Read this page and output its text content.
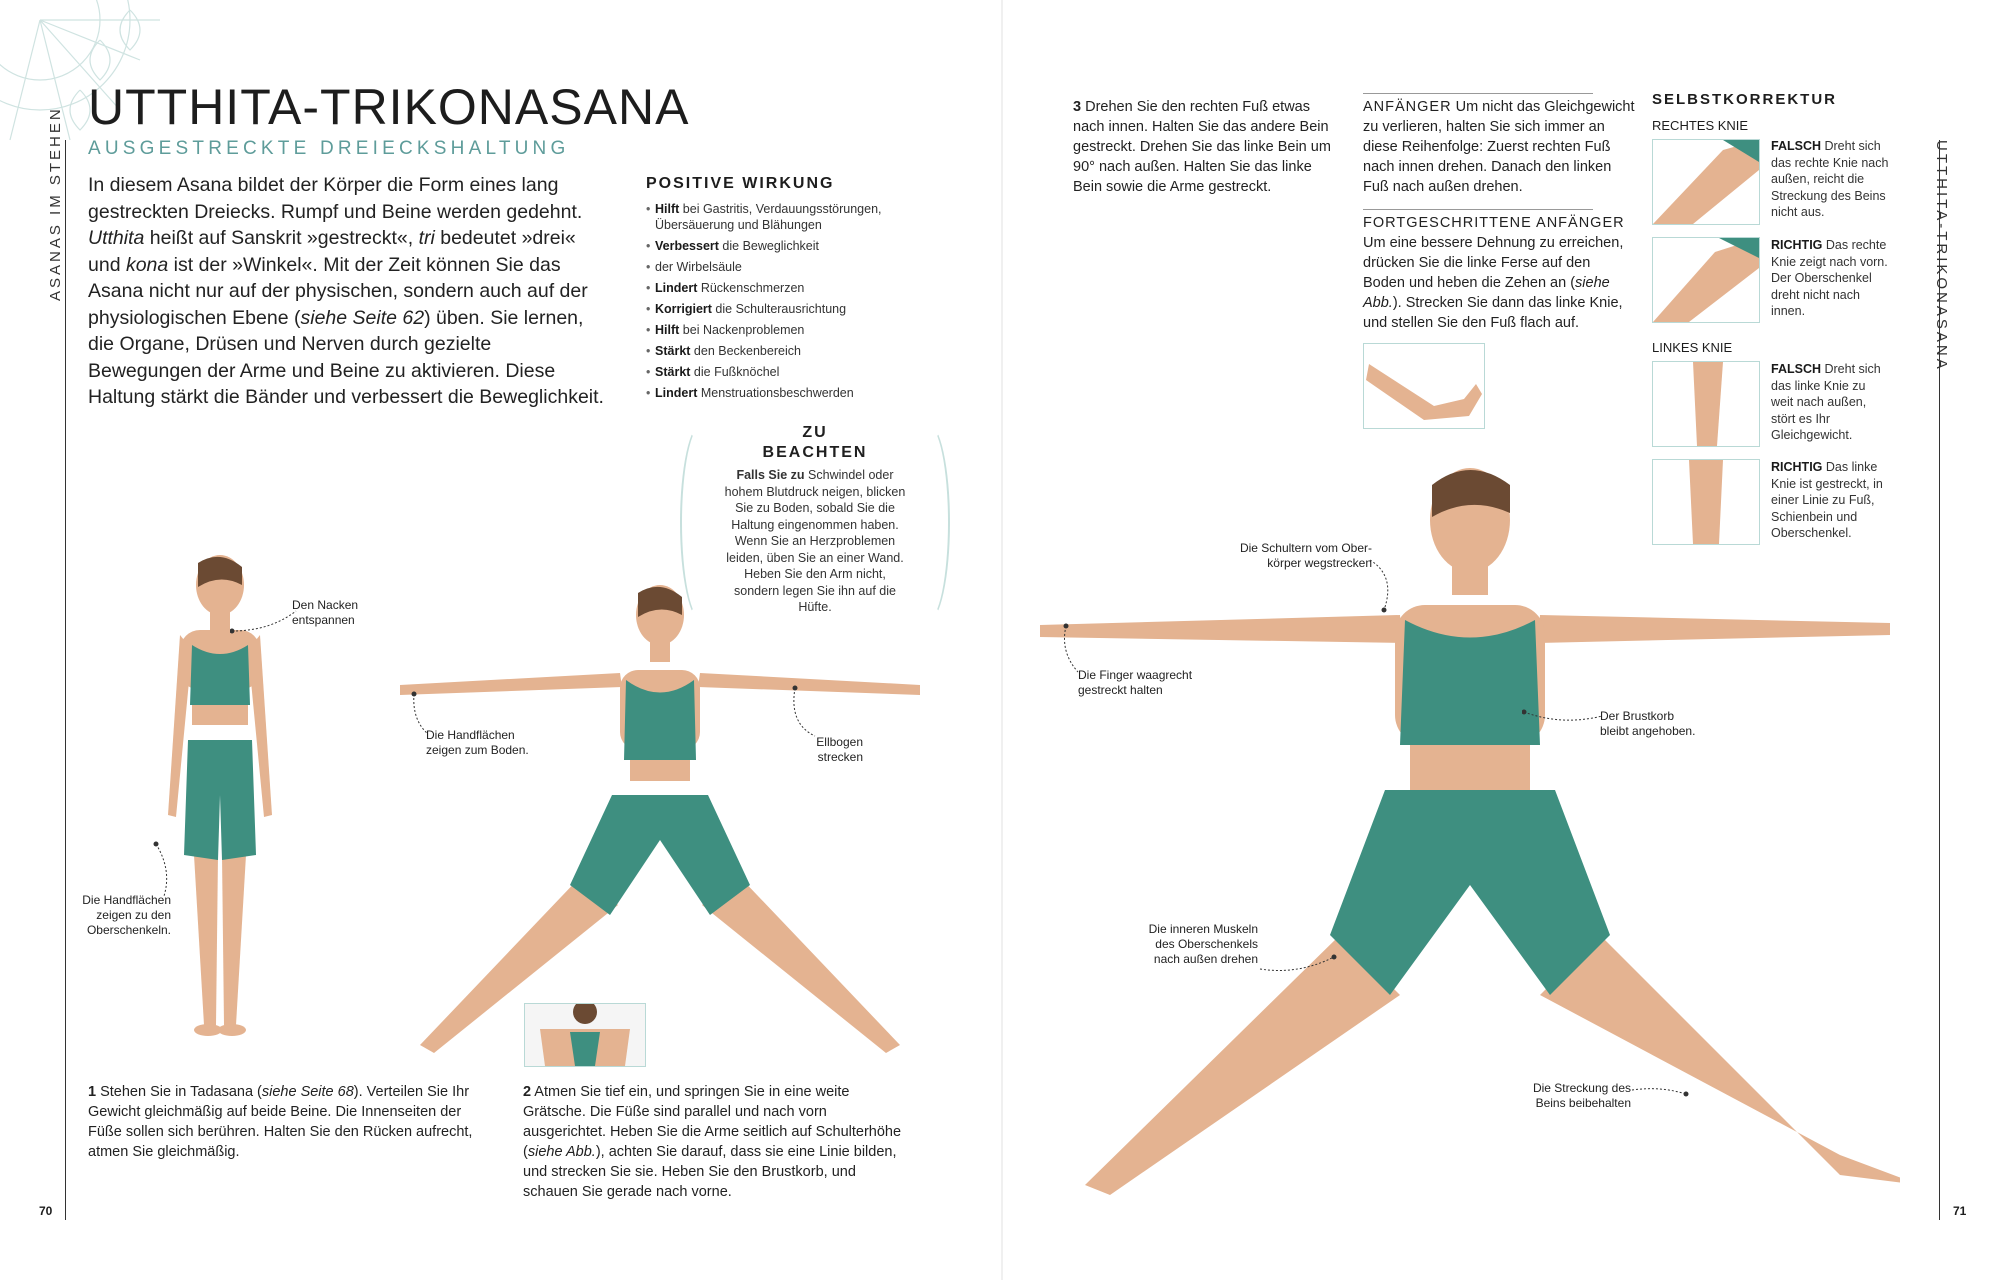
ASANAS IM STEHEN UTTHITA-TRIKONASANA
AUSGESTRECKTE DREIECKSHALTUNG
In diesem Asana bildet der Körper die Form eines lang gestreckten Dreiecks. Rumpf und Beine werden gedehnt. Utthita heißt auf Sanskrit »gestreckt«, tri bedeutet »drei« und kona ist der »Winkel«. Mit der Zeit können Sie das Asana nicht nur auf der physischen, sondern auch auf der physiologischen Ebene (siehe Seite 62) üben. Sie lernen, die Organe, Drüsen und Nerven durch gezielte Bewegungen der Arme und Beine zu aktivieren. Diese Haltung stärkt die Bänder und verbessert die Beweglichkeit.
POSITIVE WIRKUNG
• Hilft bei Gastritis, Verdauungsstörungen, Übersäuerung und Blähungen
• Verbessert die Beweglichkeit
• der Wirbelsäule
• Lindert Rückenschmerzen
• Korrigiert die Schulterausrichtung
• Hilft bei Nackenproblemen
• Stärkt den Beckenbereich
• Stärkt die Fußknöchel
• Lindert Menstruationsbeschwerden
ZU
BEACHTEN
Falls Sie zu Schwindel oder hohem Blutdruck neigen, blicken Sie zu Boden, sobald Sie die Haltung eingenommen haben. Wenn Sie an Herzproblemen leiden, üben Sie an einer Wand. Heben Sie den Arm nicht, sondern legen Sie ihn auf die Hüfte.
Den Nacken
entspannen
Die Handflächen
zeigen zu den
Oberschenkeln.
Die Handflächen
zeigen zum Boden.
Ellbogen
strecken
1 Stehen Sie in Tadasana (siehe Seite 68). Verteilen Sie Ihr Gewicht gleichmäßig auf beide Beine. Die Innenseiten der Füße sollen sich berühren. Halten Sie den Rücken aufrecht, atmen Sie gleichmäßig.
2 Atmen Sie tief ein, und springen Sie in eine weite Grätsche. Die Füße sind parallel und nach vorn ausgerichtet. Heben Sie die Arme seitlich auf Schulterhöhe (siehe Abb.), achten Sie darauf, dass sie eine Linie bilden, und strecken Sie sie. Heben Sie den Brustkorb, und schauen Sie gerade nach vorne.
70
3 Drehen Sie den rechten Fuß etwas nach innen. Halten Sie das andere Bein gestreckt. Drehen Sie das linke Bein um 90° nach außen. Halten Sie das linke Bein sowie die Arme gestreckt.
ANFÄNGER Um nicht das Gleichgewicht zu verlieren, halten Sie sich immer an diese Reihenfolge: Zuerst rechten Fuß nach innen drehen. Danach den linken Fuß nach außen drehen.
FORTGESCHRITTENE ANFÄNGER
Um eine bessere Dehnung zu erreichen, drücken Sie die linke Ferse auf den Boden und heben die Zehen an (siehe Abb.). Strecken Sie dann das linke Knie, und stellen Sie den Fuß flach auf.
SELBSTKORREKTUR
RECHTES KNIE
LINKES KNIE
FALSCH Dreht sich das rechte Knie nach außen, reicht die Streckung des Beins nicht aus.
RICHTIG Das rechte Knie zeigt nach vorn. Der Oberschenkel dreht nicht nach innen.
FALSCH Dreht sich das linke Knie zu weit nach außen, stört es Ihr Gleichgewicht.
RICHTIG Das linke Knie ist gestreckt, in einer Linie zu Fuß, Schienbein und Oberschenkel.
Die Schultern vom Ober-
körper wegstrecken
Die Finger waagrecht
gestreckt halten
Der Brustkorb
bleibt angehoben.
Die inneren Muskeln
des Oberschenkels
nach außen drehen
Die Streckung des
Beins beibehalten
UTTHITA-TRIKONASANA
71
